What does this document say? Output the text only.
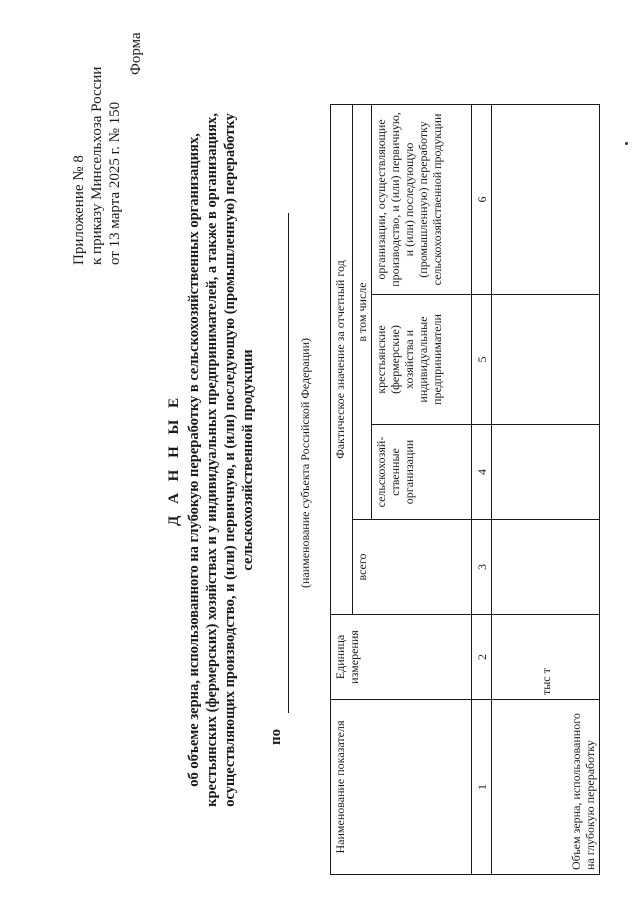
Приложение № 8 к приказу Минсельхоза России от 13 марта 2025 г. № 150
Форма
Д А Н Н Ы Е об объеме зерна, использованного на глубокую переработку в сельскохозяйственных организациях, крестьянских (фермерских) хозяйствах и у индивидуальных предпринимателей, а также в организациях, осуществляющих производство, и (или) первичную, и (или) последующую (промышленную) переработку сельскохозяйственной продукции
по
(наименование субъекта Российской Федерации)
Наименование показателя	Единица измерения	Фактическое значение за отчетный год			
		всего	в том числе		
			сельскохозяй-ственные организации	крестьянские (фермерские) хозяйства и индивидуальные предприниматели	организации, осуществляющие производство, и (или) первичную, и (или) последующую (промышленную) переработку сельскохозяйственной продукции
1	2	3	4	5	6
Объем зерна, использованного на глубокую переработку	тыс т				
